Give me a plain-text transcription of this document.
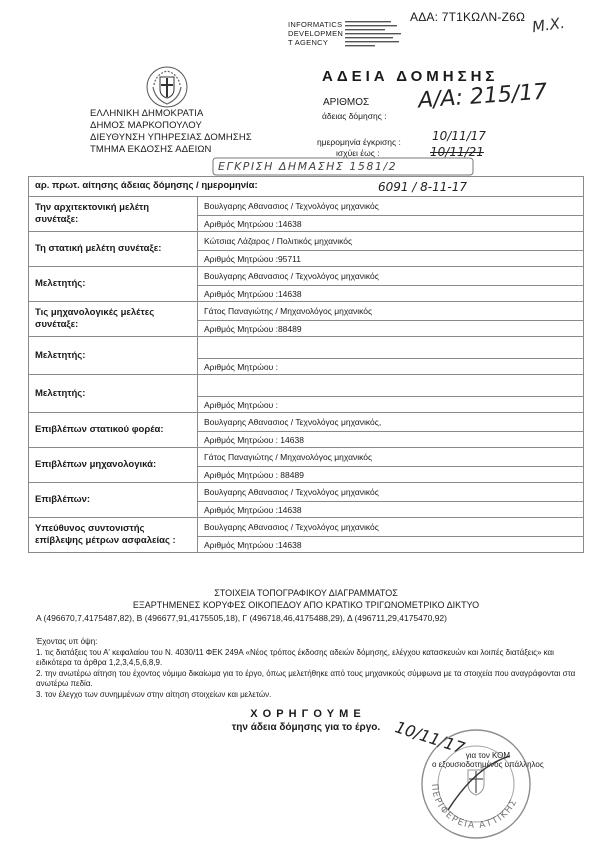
ΑΔΑ: 7Τ1ΚΩΛΝ-Ζ6Ω Μ.Χ.
INFORMATICS
DEVELOPMEN
T AGENCY
ΕΛΛΗΝΙΚΗ ΔΗΜΟΚΡΑΤΙΑ
ΔΗΜΟΣ ΜΑΡΚΟΠΟΥΛΟΥ
ΔΙΕΥΘΥΝΣΗ ΥΠΗΡΕΣΙΑΣ ΔΟΜΗΣΗΣ
ΤΜΗΜΑ ΕΚΔΟΣΗΣ ΑΔΕΙΩΝ
ΑΔΕΙΑ ΔΟΜΗΣΗΣ
ΑΡΙΘΜΟΣ
άδειας δόμησης :
Α/Α: 215/17
ημερομηνία έγκρισης :	10/11/17
ισχύει έως :	10/11/21
ΕΓΚΡΙΣΗ ΔΗΜΑΣΗΣ 1581/2
αρ. πρωτ. αίτησης άδειας δόμησης / ημερομηνία: 6091 / 8-11-17	

Την αρχιτεκτονική μελέτη συνέταξε:	Βουλγαρης Αθανασιος / Τεχνολόγος μηχανικός
	Αριθμός Μητρώου :14638
Τη στατική μελέτη συνέταξε:	Κώτσιας Λάζαρος / Πολιτικός μηχανικός
	Αριθμός Μητρώου :95711
Μελετητής:	Βουλγαρης Αθανασιος / Τεχνολόγος μηχανικός
	Αριθμός Μητρώου :14638
Τις μηχανολογικές μελέτες συνέταξε:	Γάτος Παναγιώτης / Μηχανολόγος μηχανικός
	Αριθμός Μητρώου :88489
Μελετητής:	
	Αριθμός Μητρώου :
Μελετητής:	
	Αριθμός Μητρώου :
Επιβλέπων στατικού φορέα:	Βουλγαρης Αθανασιος / Τεχνολόγος μηχανικός,
	Αριθμός Μητρώου : 14638
Επιβλέπων μηχανολογικά:	Γάτος Παναγιώτης / Μηχανολόγος μηχανικός
	Αριθμός Μητρώου : 88489
Επιβλέπων:	Βουλγαρης Αθανασιος / Τεχνολόγος μηχανικός
	Αριθμός Μητρώου :14638
Υπεύθυνος συντονιστής επίβλεψης μέτρων ασφαλείας :	Βουλγαρης Αθανασιος / Τεχνολόγος μηχανικός
	Αριθμός Μητρώου :14638
ΣΤΟΙΧΕΙΑ ΤΟΠΟΓΡΑΦΙΚΟΥ ΔΙΑΓΡΑΜΜΑΤΟΣ
ΕΞΑΡΤΗΜΕΝΕΣ ΚΟΡΥΦΕΣ ΟΙΚΟΠΕΔΟΥ ΑΠΟ ΚΡΑΤΙΚΟ ΤΡΙΓΩΝΟΜΕΤΡΙΚΟ ΔΙΚΤΥΟ
Α (496670,7,4175487,82), Β (496677,91,4175505,18), Γ (496718,46,4175488,29), Δ (496711,29,4175470,92)
Έχοντας υπ όψη:
1. τις διατάξεις του Α' κεφαλαίου του Ν. 4030/11 ΦΕΚ 249Α «Νέος τρόπος έκδοσης αδειών δόμησης, ελέγχου κατασκευών και λοιπές διατάξεις» και ειδικότερα τα άρθρα 1,2,3,4,5,6,8,9.
2. την ανωτέρω αίτηση του έχοντος νόμιμο δικαίωμα για το έργο, όπως μελετήθηκε από τους μηχανικούς σύμφωνα με τα στοιχεία που αναγράφονται στα ανωτέρω πεδία.
3. τον έλεγχο των συνημμένων στην αίτηση στοιχείων και μελετών.
Χ Ο Ρ Η Γ Ο Υ Μ Ε
την άδεια δόμησης για το έργο. 10/11/17
για τον ΚΟΜ
ο εξουσιοδοτημένος υπάλληλος
ΠΕΡΙΦΕΡΕΙΑ ΑΤΤΙΚΗΣ
